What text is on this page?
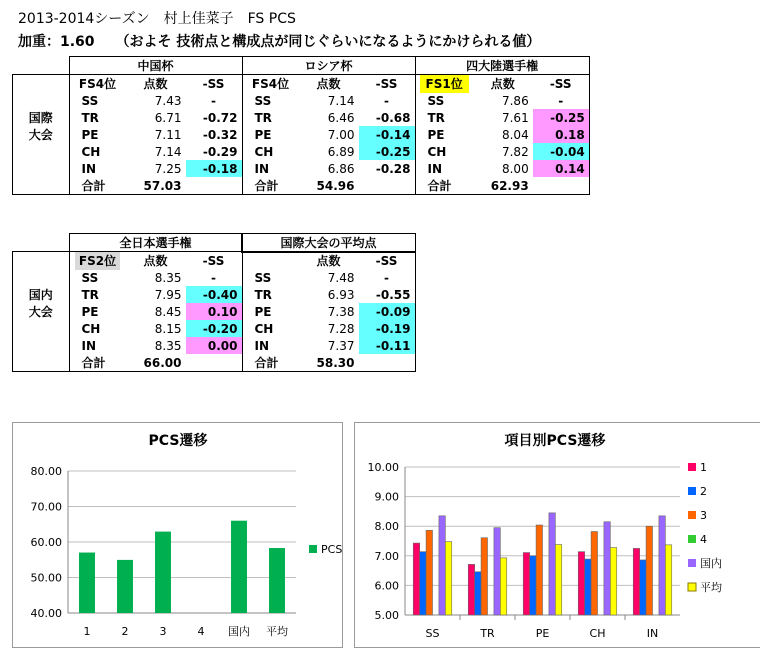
2013-2014シーズン　村上佳菜子　FS PCS
加重：1.60　　（およそ 技術点と構成点が同じぐらいになるようにかけられる値）
	中国杯			ロシア杯			四大陸選手権		
	FS4位	点数	-SS	FS4位	点数	-SS	FS1位	点数	-SS
	SS	7.43	-	SS	7.14	-	SS	7.86	-
国際	TR	6.71	-0.72	TR	6.46	-0.68	TR	7.61	-0.25
大会	PE	7.11	-0.32	PE	7.00	-0.14	PE	8.04	0.18
	CH	7.14	-0.29	CH	6.89	-0.25	CH	7.82	-0.04
	IN	7.25	-0.18	IN	6.86	-0.28	IN	8.00	0.14
	合計	57.03		合計	54.96		合計	62.93	
	全日本選手権			国際大会の平均点		
	FS2位	点数	-SS		点数	-SS
	SS	8.35	-	SS	7.48	-
国内	TR	7.95	-0.40	TR	6.93	-0.55
大会	PE	8.45	0.10	PE	7.38	-0.09
	CH	8.15	-0.20	CH	7.28	-0.19
	IN	8.35	0.00	IN	7.37	-0.11
	合計	66.00		合計	58.30	
PCS遷移
40.00
50.00
60.00
70.00
80.00
1	2	3	4 国内 平均
PCS
項目別PCS遷移
5.00
6.00
7.00
8.00
9.00
10.00
SS	TR	PE	CH	IN
1
2
3
4
国内
平均
